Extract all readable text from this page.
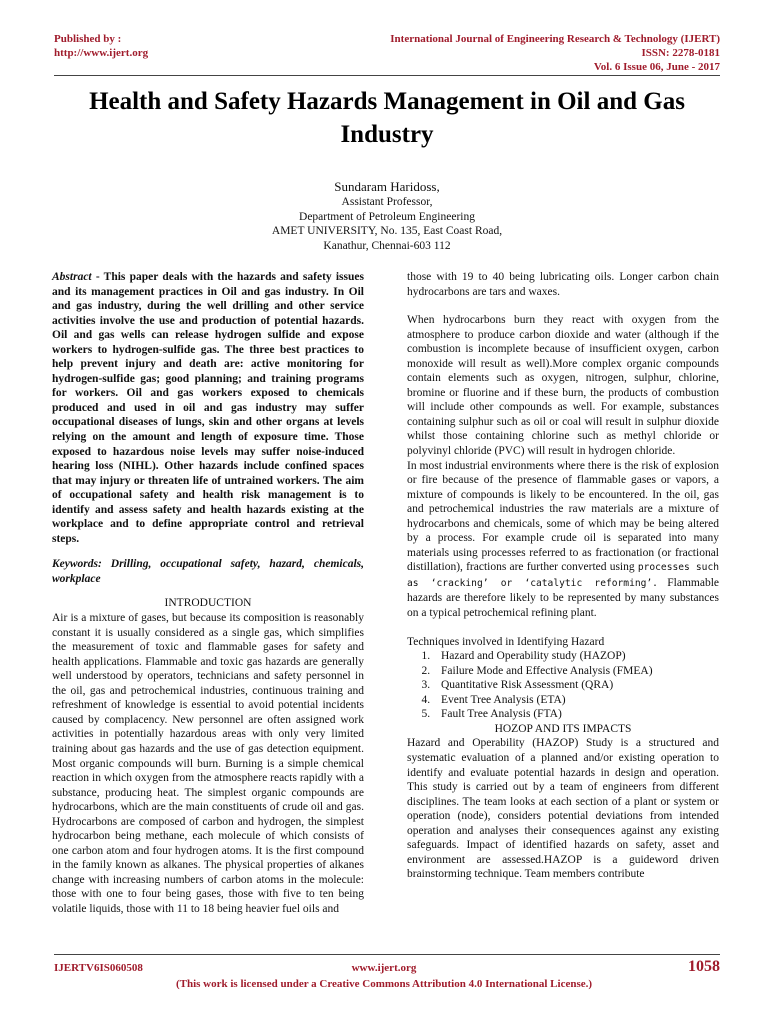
Published by :
http://www.ijert.org
International Journal of Engineering Research & Technology (IJERT)
ISSN: 2278-0181
Vol. 6 Issue 06, June - 2017
Health and Safety Hazards Management in Oil and Gas Industry
Sundaram Haridoss,
Assistant Professor,
Department of Petroleum Engineering
AMET UNIVERSITY, No. 135, East Coast Road,
Kanathur, Chennai-603 112

Abstract - This paper deals with the hazards and safety issues and its management practices in Oil and gas industry. In Oil and gas industry, during the well drilling and other service activities involve the use and production of potential hazards. Oil and gas wells can release hydrogen sulfide and expose workers to hydrogen-sulfide gas. The three best practices to help prevent injury and death are: active monitoring for hydrogen-sulfide gas; good planning; and training programs for workers. Oil and gas workers exposed to chemicals produced and used in oil and gas industry may suffer occupational diseases of lungs, skin and other organs at levels relying on the amount and length of exposure time. Those exposed to hazardous noise levels may suffer noise-induced hearing loss (NIHL). Other hazards include confined spaces that may injury or threaten life of untrained workers. The aim of occupational safety and health risk management is to identify and assess safety and health hazards existing at the workplace and to define appropriate control and retrieval steps.

Keywords: Drilling, occupational safety, hazard, chemicals, workplace

INTRODUCTION

Air is a mixture of gases, but because its composition is reasonably constant it is usually considered as a single gas, which simplifies the measurement of toxic and flammable gases for safety and health applications. Flammable and toxic gas hazards are generally well understood by operators, technicians and safety personnel in the oil, gas and petrochemical industries, continuous training and refreshment of knowledge is essential to avoid potential incidents caused by complacency. New personnel are often assigned work activities in potentially hazardous areas with only very limited training about gas hazards and the use of gas detection equipment. Most organic compounds will burn. Burning is a simple chemical reaction in which oxygen from the atmosphere reacts rapidly with a substance, producing heat. The simplest organic compounds are hydrocarbons, which are the main constituents of crude oil and gas. Hydrocarbons are composed of carbon and hydrogen, the simplest hydrocarbon being methane, each molecule of which consists of one carbon atom and four hydrogen atoms. It is the first compound in the family known as alkanes. The physical properties of alkanes change with increasing numbers of carbon atoms in the molecule: those with one to four being gases, those with five to ten being volatile liquids, those with 11 to 18 being heavier fuel oils and

those with 19 to 40 being lubricating oils. Longer carbon chain hydrocarbons are tars and waxes.

When hydrocarbons burn they react with oxygen from the atmosphere to produce carbon dioxide and water (although if the combustion is incomplete because of insufficient oxygen, carbon monoxide will result as well).More complex organic compounds contain elements such as oxygen, nitrogen, sulphur, chlorine, bromine or fluorine and if these burn, the products of combustion will include other compounds as well. For example, substances containing sulphur such as oil or coal will result in sulphur dioxide whilst those containing chlorine such as methyl chloride or polyvinyl chloride (PVC) will result in hydrogen chloride.

In most industrial environments where there is the risk of explosion or fire because of the presence of flammable gases or vapors, a mixture of compounds is likely to be encountered. In the oil, gas and petrochemical industries the raw materials are a mixture of hydrocarbons and chemicals, some of which may be being altered by a process. For example crude oil is separated into many materials using processes referred to as fractionation (or fractional distillation), fractions are further converted using processes such as ‘cracking’ or ‘catalytic reforming’. Flammable hazards are therefore likely to be represented by many substances on a typical petrochemical refining plant.

Techniques involved in Identifying Hazard

1. Hazard and Operability study (HAZOP)
2. Failure Mode and Effective Analysis (FMEA)
3. Quantitative Risk Assessment (QRA)
4. Event Tree Analysis (ETA)
5. Fault Tree Analysis (FTA)
HOZOP AND ITS IMPACTS

Hazard and Operability (HAZOP) Study is a structured and systematic evaluation of a planned and/or existing operation to identify and evaluate potential hazards in design and operation. This study is carried out by a team of engineers from different disciplines. The team looks at each section of a plant or system or operation (node), considers potential deviations from intended operation and analyses their consequences against any existing safeguards. Impact of identified hazards on safety, asset and environment are assessed.HAZOP is a guideword driven brainstorming technique. Team members contribute

IJERTV6IS060508	www.ijert.org	1058
(This work is licensed under a Creative Commons Attribution 4.0 International License.)
